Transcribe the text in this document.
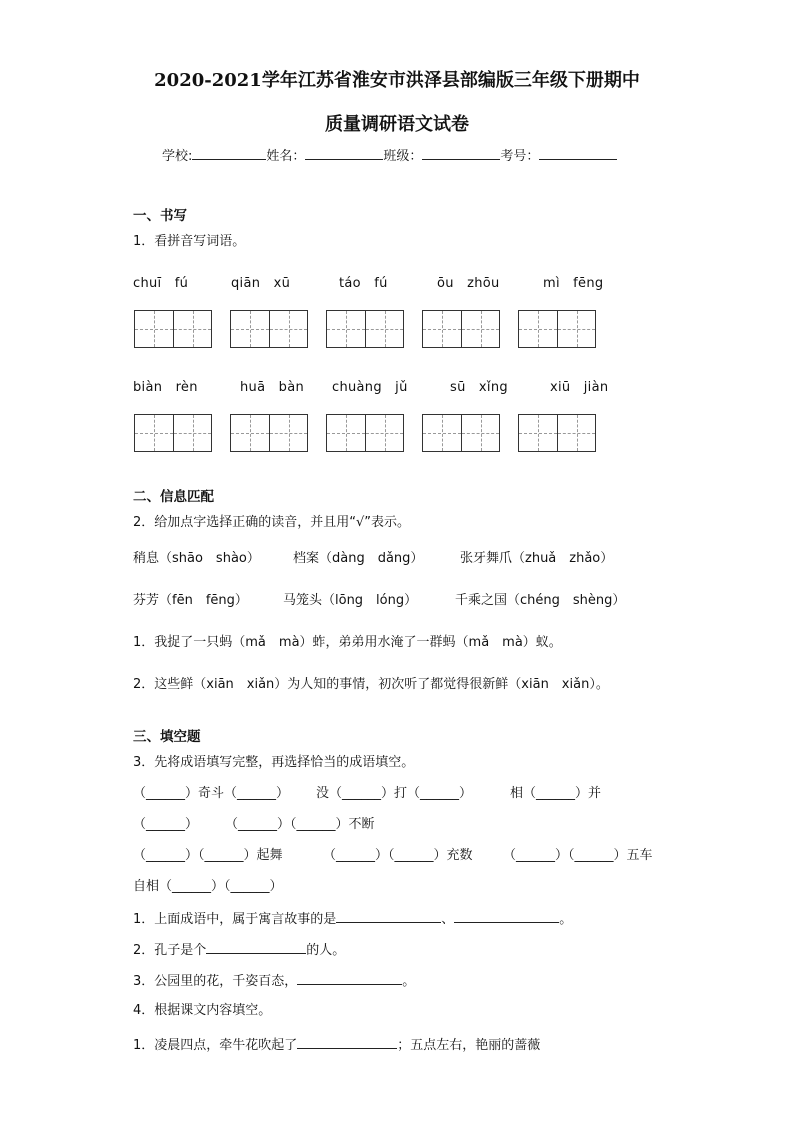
2020-2021学年江苏省淮安市洪泽县部编版三年级下册期中
质量调研语文试卷
学校:	姓名：	班级：	考号：
一、书写
1．看拼音写词语。
chuī　fú	qiān　xū	táo　fú	ōu　zhōu	mì　fēng
biàn　rèn	huā　bàn chuàng　jǔ	sū　xǐng	xiū　jiàn
二、信息匹配
2．给加点字选择正确的读音，并且用“√”表示。
稍息（shāo　shào）	档案（dàng　dǎng）	张牙舞爪（zhuǎ　zhǎo）
芬芳（fēn　fēng）	马笼头（lōng　lóng）	千乘之国（chéng　shèng）
1．我捉了一只蚂（mǎ　mà）蚱，弟弟用水淹了一群蚂（mǎ　mà）蚁。
2．这些鲜（xiān　xiǎn）为人知的事情，初次听了都觉得很新鲜（xiān　xiǎn）。
三、填空题
3．先将成语填写完整，再选择恰当的成语填空。
（______）奇斗（______） 没（______）打（______）	相（______）并
（______） （______）（______）不断
（______）（______）起舞	（______）（______）充数 （______）（______）五车
自相（______）（______）
1．上面成语中，属于寓言故事的是	、	。
2．孔子是个	的人。
3．公园里的花，千姿百态，	。
4．根据课文内容填空。
1．凌晨四点，牵牛花吹起了	；五点左右，艳丽的蔷薇
